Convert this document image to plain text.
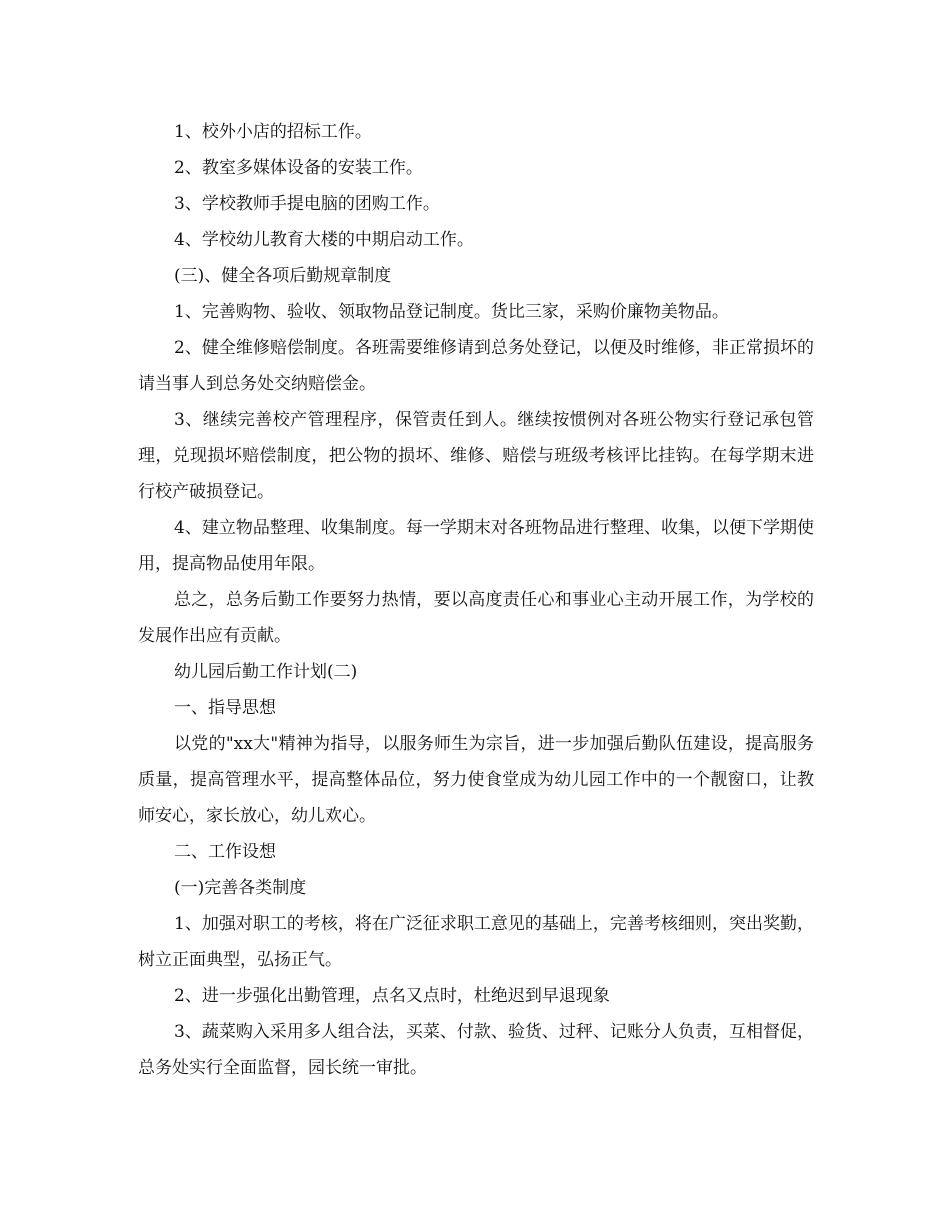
1、校外小店的招标工作。

2、教室多媒体设备的安装工作。

3、学校教师手提电脑的团购工作。

4、学校幼儿教育大楼的中期启动工作。

(三)、健全各项后勤规章制度

1、完善购物、验收、领取物品登记制度。货比三家，采购价廉物美物品。

2、健全维修赔偿制度。各班需要维修请到总务处登记，以便及时维修，非正常损坏的请当事人到总务处交纳赔偿金。

3、继续完善校产管理程序，保管责任到人。继续按惯例对各班公物实行登记承包管理，兑现损坏赔偿制度，把公物的损坏、维修、赔偿与班级考核评比挂钩。在每学期末进行校产破损登记。

4、建立物品整理、收集制度。每一学期末对各班物品进行整理、收集，以便下学期使用，提高物品使用年限。

总之，总务后勤工作要努力热情，要以高度责任心和事业心主动开展工作，为学校的发展作出应有贡献。

幼儿园后勤工作计划(二)

一、指导思想

以党的"xx大"精神为指导，以服务师生为宗旨，进一步加强后勤队伍建设，提高服务质量，提高管理水平，提高整体品位，努力使食堂成为幼儿园工作中的一个靓窗口，让教师安心，家长放心，幼儿欢心。

二、工作设想

(一)完善各类制度

1、加强对职工的考核，将在广泛征求职工意见的基础上，完善考核细则，突出奖勤，树立正面典型，弘扬正气。

2、进一步强化出勤管理，点名又点时，杜绝迟到早退现象

3、蔬菜购入采用多人组合法，买菜、付款、验货、过秤、记账分人负责，互相督促，总务处实行全面监督，园长统一审批。
